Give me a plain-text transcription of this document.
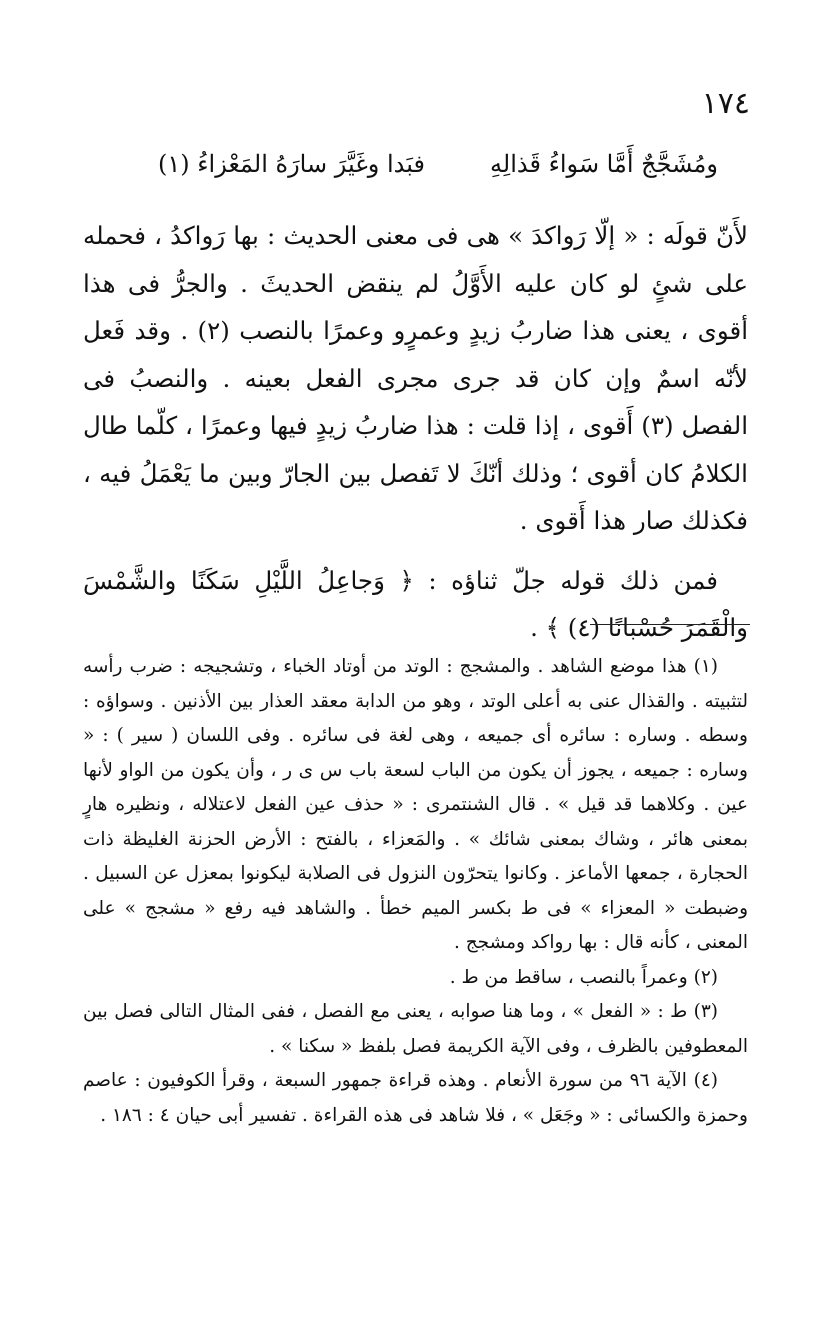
١٧٤
ومُشَجَّجٌ أَمَّا سَواءُ قَذالِهِ
فبَدا وغَيَّرَ سارَهُ المَعْزاءُ (١)

لأَنّ قولَه : « إلّا رَواكدَ » هى فى معنى الحديث : بها رَواكدُ ، فحمله على شئٍ لو كان عليه الأَوَّلُ لم ينقض الحديثَ . والجرُّ فى هذا أقوى ، يعنى هذا ضاربُ زيدٍ وعمرٍو وعمرًا بالنصب (٢) . وقد فَعل لأنّه اسمٌ وإن كان قد جرى مجرى الفعل بعينه . والنصبُ فى الفصل (٣) أَقوى ، إذا قلت : هذا ضاربُ زيدٍ فيها وعمرًا ، كلّما طال الكلامُ كان أقوى ؛ وذلك أنّكَ لا تَفصل بين الجارّ وبين ما يَعْمَلُ فيه ، فكذلك صار هذا أَقوى .

فمن ذلك قوله جلّ ثناؤه : ﴿ وَجاعِلُ اللَّيْلِ سَكَنًا والشَّمْسَ والْقَمَرَ حُسْبانًا (٤) ﴾ .

(١) هذا موضع الشاهد . والمشجج : الوتد من أوتاد الخباء ، وتشجيجه : ضرب رأسه لتثبيته . والقذال عنى به أعلى الوتد ، وهو من الدابة معقد العذار بين الأذنين . وسواؤه : وسطه . وساره : سائره أى جميعه ، وهى لغة فى سائره . وفى اللسان ( سير ) : « وساره : جميعه ، يجوز أن يكون من الباب لسعة باب س ى ر ، وأن يكون من الواو لأنها عين . وكلاهما قد قيل » . قال الشنتمرى : « حذف عين الفعل لاعتلاله ، ونظيره هارٍ بمعنى هائر ، وشاك بمعنى شائك » . والمَعزاء ، بالفتح : الأرض الحزنة الغليظة ذات الحجارة ، جمعها الأماعز . وكانوا يتحرّون النزول فى الصلابة ليكونوا بمعزل عن السبيل . وضبطت « المعزاء » فى ط بكسر الميم خطأ . والشاهد فيه رفع « مشجج » على المعنى ، كأنه قال : بها رواكد ومشجج .

(٢) وعمراً بالنصب ، ساقط من ط .

(٣) ط : « الفعل » ، وما هنا صوابه ، يعنى مع الفصل ، ففى المثال التالى فصل بين المعطوفين بالظرف ، وفى الآية الكريمة فصل بلفظ « سكنا » .

(٤) الآية ٩٦ من سورة الأنعام . وهذه قراءة جمهور السبعة ، وقرأ الكوفيون : عاصم وحمزة والكسائى : « وجَعَل » ، فلا شاهد فى هذه القراءة . تفسير أبى حيان ٤ : ١٨٦ .
